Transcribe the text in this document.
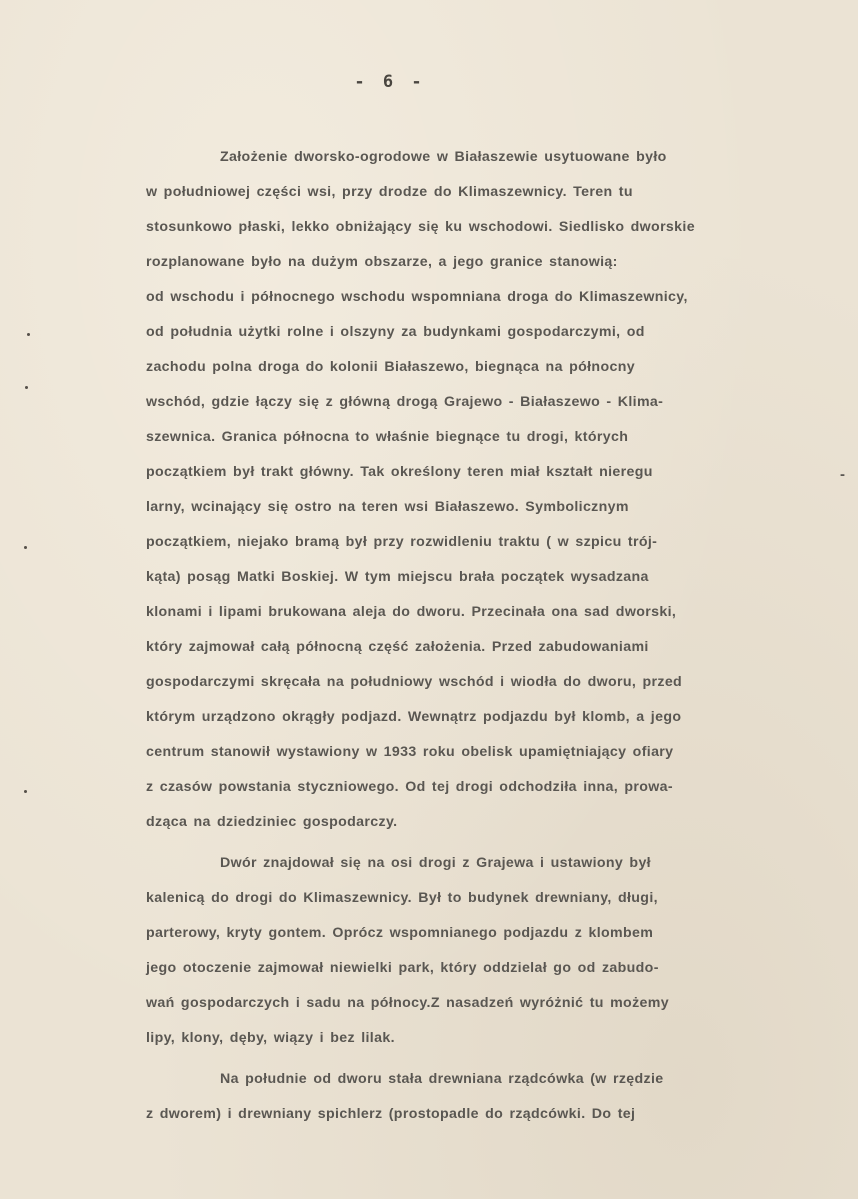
- 6 -
Założenie dworsko-ogrodowe w Białaszewie usytuowane było
w południowej części wsi, przy drodze do Klimaszewnicy. Teren tu
stosunkowo płaski, lekko obniżający się ku wschodowi. Siedlisko dworskie
rozplanowane było na dużym obszarze, a jego granice stanowią:
od wschodu i północnego wschodu wspomniana droga do Klimaszewnicy,
od południa użytki rolne i olszyny za budynkami gospodarczymi, od
zachodu polna droga do kolonii Białaszewo, biegnąca na północny
wschód, gdzie łączy się z główną drogą Grajewo - Białaszewo - Klima-
szewnica. Granica północna to właśnie biegnące tu drogi, których
początkiem był trakt główny. Tak określony teren miał kształt nieregu
larny, wcinający się ostro na teren wsi Białaszewo. Symbolicznym
początkiem, niejako bramą był przy rozwidleniu traktu ( w szpicu trój-
kąta) posąg Matki Boskiej. W tym miejscu brała początek wysadzana
klonami i lipami brukowana aleja do dworu. Przecinała ona sad dworski,
który zajmował całą północną część założenia. Przed zabudowaniami
gospodarczymi skręcała na południowy wschód i wiodła do dworu, przed
którym urządzono okrągły podjazd. Wewnątrz podjazdu był klomb, a jego
centrum stanowił wystawiony w 1933 roku obelisk upamiętniający ofiary
z czasów powstania styczniowego. Od tej drogi odchodziła inna, prowa-
dząca na dziedziniec gospodarczy.
Dwór znajdował się na osi drogi z Grajewa i ustawiony był
kalenicą do drogi do Klimaszewnicy. Był to budynek drewniany, długi,
parterowy, kryty gontem. Oprócz wspomnianego podjazdu z klombem
jego otoczenie zajmował niewielki park, który oddzielał go od zabudo-
wań gospodarczych i sadu na północy.Z nasadzeń wyróżnić tu możemy
lipy, klony, dęby, wiązy i bez lilak.
Na południe od dworu stała drewniana rządcówka (w rzędzie
z dworem) i drewniany spichlerz (prostopadle do rządcówki. Do tej
-
